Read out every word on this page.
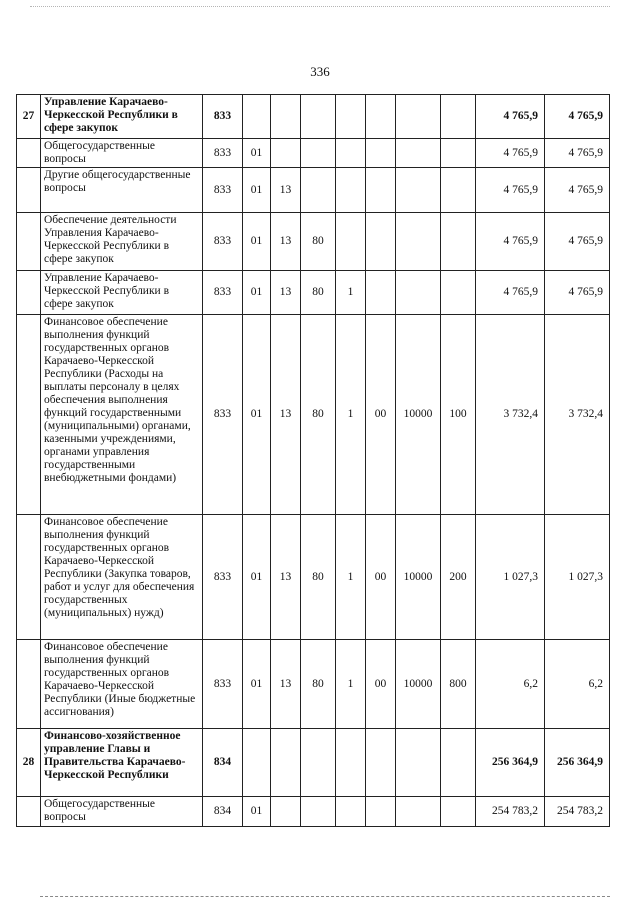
336
27	Управление Карачаево-Черкесской Республики в сфере закупок	833								4 765,9	4 765,9
	Общегосударственные вопросы	833	01							4 765,9	4 765,9
	Другие общегосударственные вопросы	833	01	13						4 765,9	4 765,9
	Обеспечение деятельности Управления Карачаево-Черкесской Республики в сфере закупок	833	01	13	80					4 765,9	4 765,9
	Управление Карачаево-Черкесской Республики в сфере закупок	833	01	13	80	1				4 765,9	4 765,9
	Финансовое обеспечение выполнения функций государственных органов Карачаево-Черкесской Республики (Расходы на выплаты персоналу в целях обеспечения выполнения функций государственными (муниципальными) органами, казенными учреждениями, органами управления государственными внебюджетными фондами)	833	01	13	80	1	00	10000	100	3 732,4	3 732,4
	Финансовое обеспечение выполнения функций государственных органов Карачаево-Черкесской Республики (Закупка товаров, работ и услуг для обеспечения государственных (муниципальных) нужд)	833	01	13	80	1	00	10000	200	1 027,3	1 027,3
	Финансовое обеспечение выполнения функций государственных органов Карачаево-Черкесской Республики (Иные бюджетные ассигнования)	833	01	13	80	1	00	10000	800	6,2	6,2
28	Финансово-хозяйственное управление Главы и Правительства Карачаево-Черкесской Республики	834								256 364,9	256 364,9
	Общегосударственные вопросы	834	01							254 783,2	254 783,2
